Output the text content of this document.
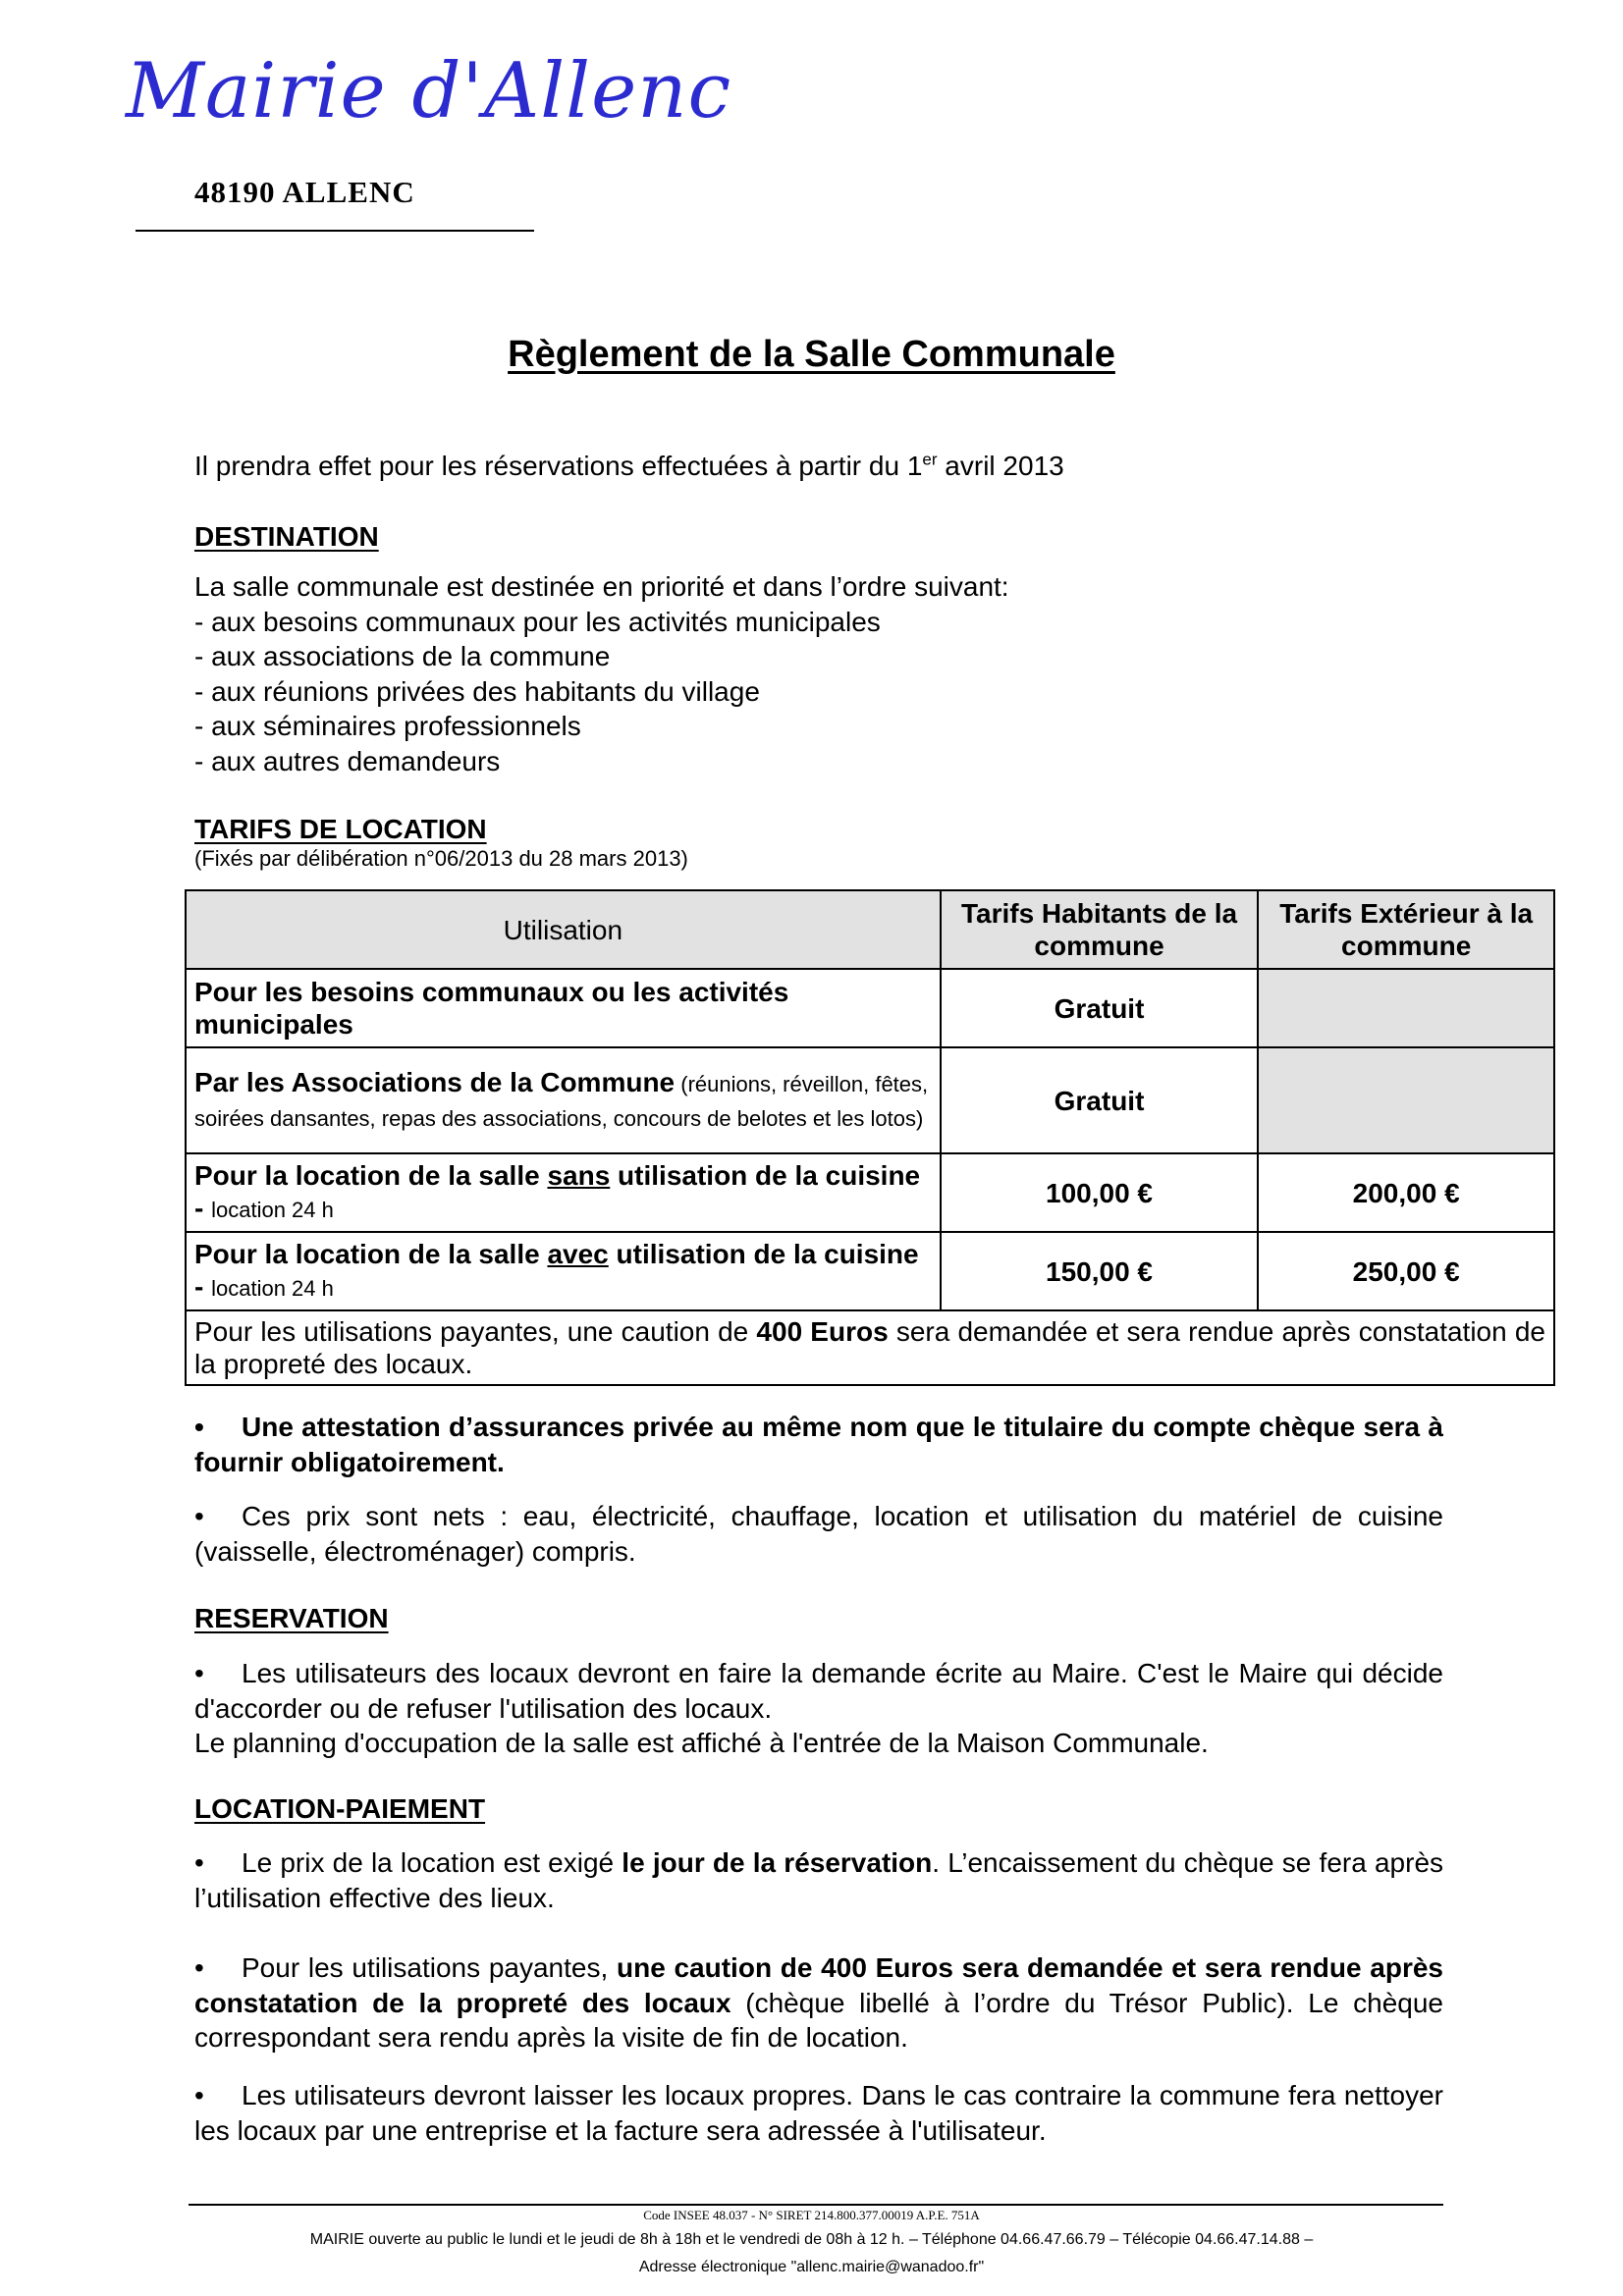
Mairie d'Allenc
48190 ALLENC
Règlement de la Salle Communale
Il prendra effet pour les réservations effectuées à partir du 1er avril 2013
DESTINATION
La salle communale est destinée en priorité et dans l’ordre suivant:
- aux besoins communaux pour les activités municipales
- aux associations de la commune
- aux réunions privées des habitants du village
- aux séminaires professionnels
- aux autres demandeurs
TARIFS DE LOCATION
(Fixés par délibération n°06/2013 du 28 mars 2013)
Utilisation	Tarifs Habitants de la commune	Tarifs Extérieur à la commune
Pour les besoins communaux ou les activités municipales	Gratuit	
Par les Associations de la Commune (réunions, réveillon, fêtes, soirées dansantes, repas des associations, concours de belotes et les lotos)	Gratuit	
Pour la location de la salle sans utilisation de la cuisine - location 24 h	100,00 €	200,00 €
Pour la location de la salle avec utilisation de la cuisine - location 24 h	150,00 €	250,00 €
Pour les utilisations payantes, une caution de 400 Euros sera demandée et sera rendue après constatation de la propreté des locaux.		
• Une attestation d’assurances privée au même nom que le titulaire du compte chèque sera à fournir obligatoirement.
• Ces prix sont nets : eau, électricité, chauffage, location et utilisation du matériel de cuisine (vaisselle, électroménager) compris.
RESERVATION
• Les utilisateurs des locaux devront en faire la demande écrite au Maire. C'est le Maire qui décide d'accorder ou de refuser l'utilisation des locaux.
Le planning d'occupation de la salle est affiché à l'entrée de la Maison Communale.
LOCATION-PAIEMENT
• Le prix de la location est exigé le jour de la réservation. L’encaissement du chèque se fera après l’utilisation effective des lieux.
• Pour les utilisations payantes, une caution de 400 Euros sera demandée et sera rendue après constatation de la propreté des locaux (chèque libellé à l’ordre du Trésor Public). Le chèque correspondant sera rendu après la visite de fin de location.
• Les utilisateurs devront laisser les locaux propres. Dans le cas contraire la commune fera nettoyer les locaux par une entreprise et la facture sera adressée à l'utilisateur.
Code INSEE 48.037 - N° SIRET 214.800.377.00019 A.P.E. 751A
MAIRIE ouverte au public le lundi et le jeudi de 8h à 18h et le vendredi de 08h à 12 h. – Téléphone 04.66.47.66.79 – Télécopie 04.66.47.14.88 –
Adresse électronique "allenc.mairie@wanadoo.fr"
